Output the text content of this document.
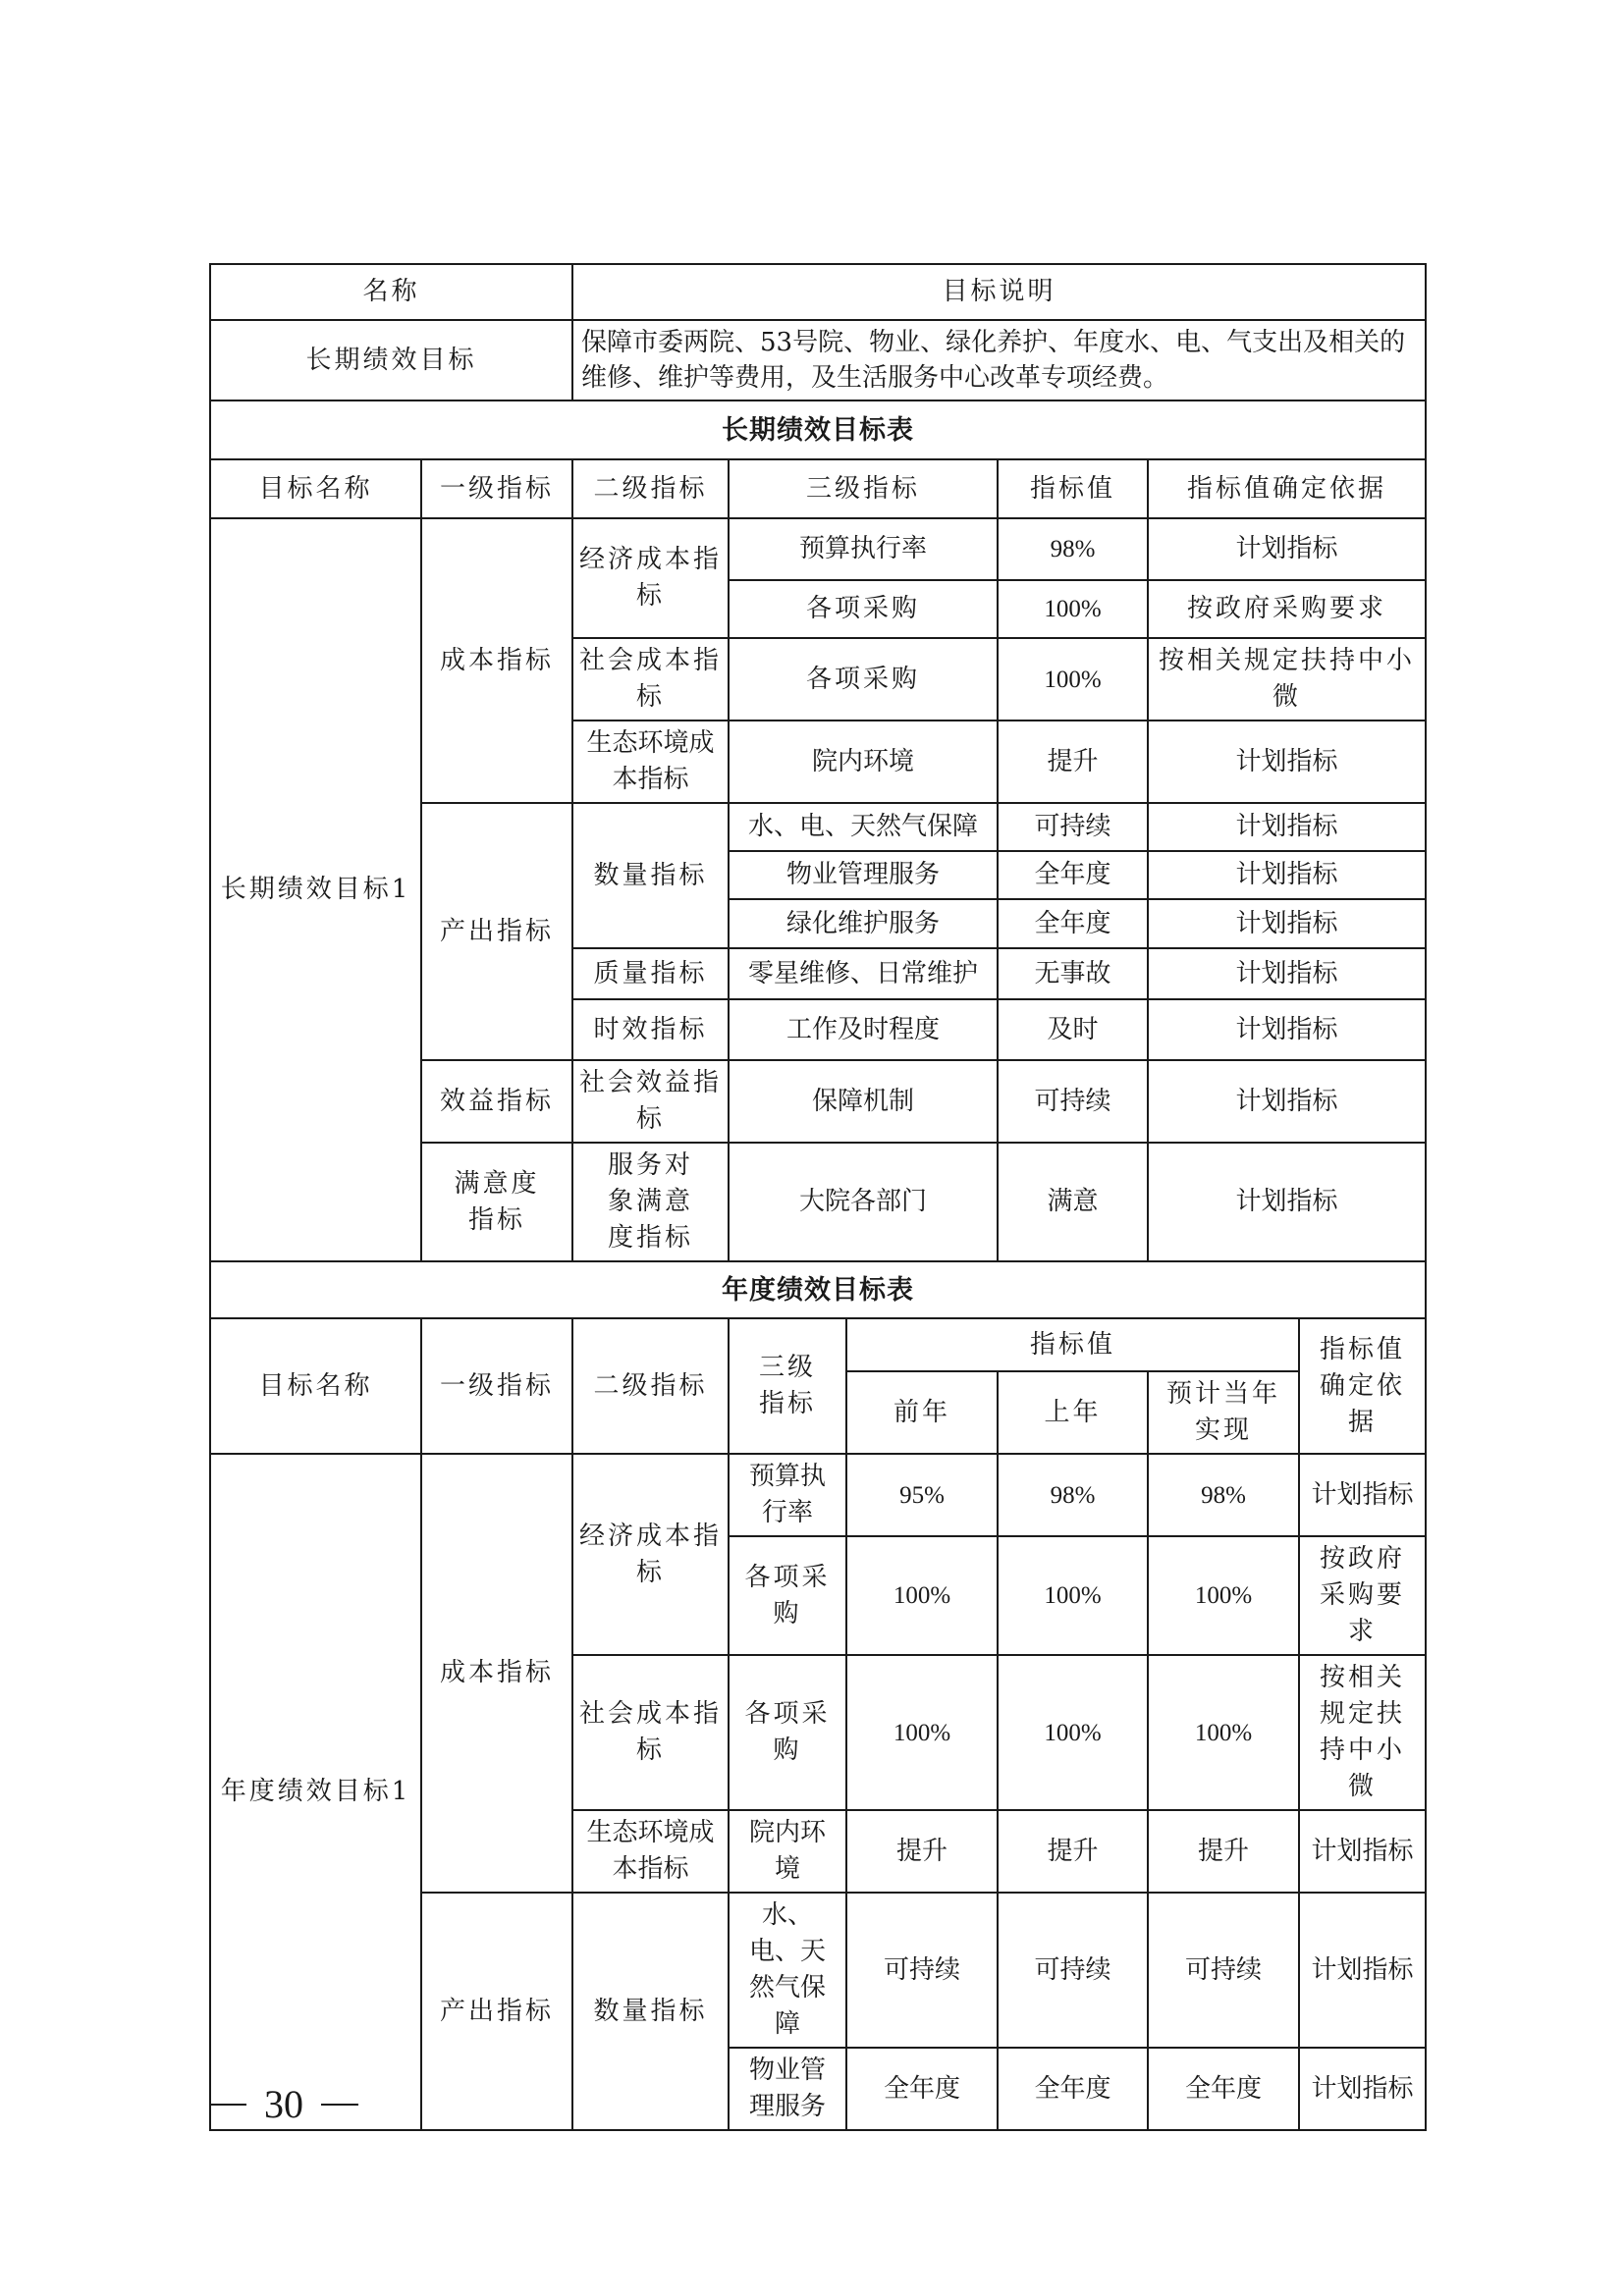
名称		目标说明					
长期绩效目标		保障市委两院、53号院、物业、绿化养护、年度水、电、气支出及相关的维修、维护等费用，及生活服务中心改革专项经费。					
长期绩效目标表							
目标名称	一级指标	二级指标	三级指标		指标值	指标值确定依据	
长期绩效目标1	成本指标	经济成本指标	预算执行率		98%	计划指标	
			各项采购		100%	按政府采购要求	
		社会成本指标	各项采购		100%	按相关规定扶持中小微	
		生态环境成本指标	院内环境		提升	计划指标	
	产出指标	数量指标	水、电、天然气保障		可持续	计划指标	
			物业管理服务		全年度	计划指标	
			绿化维护服务		全年度	计划指标	
		质量指标	零星维修、日常维护		无事故	计划指标	
		时效指标	工作及时程度		及时	计划指标	
	效益指标	社会效益指标	保障机制		可持续	计划指标	
	满意度指标	服务对象满意度指标	大院各部门		满意	计划指标	
年度绩效目标表							
目标名称	一级指标	二级指标	三级指标	指标值			指标值确定依据
				前年	上年	预计当年实现	
年度绩效目标1	成本指标	经济成本指标	预算执行率	95%	98%	98%	计划指标
			各项采购	100%	100%	100%	按政府采购要求
		社会成本指标	各项采购	100%	100%	100%	按相关规定扶持中小微
		生态环境成本指标	院内环境	提升	提升	提升	计划指标
	产出指标	数量指标	水、电、天然气保障	可持续	可持续	可持续	计划指标
			物业管理服务	全年度	全年度	全年度	计划指标
30
